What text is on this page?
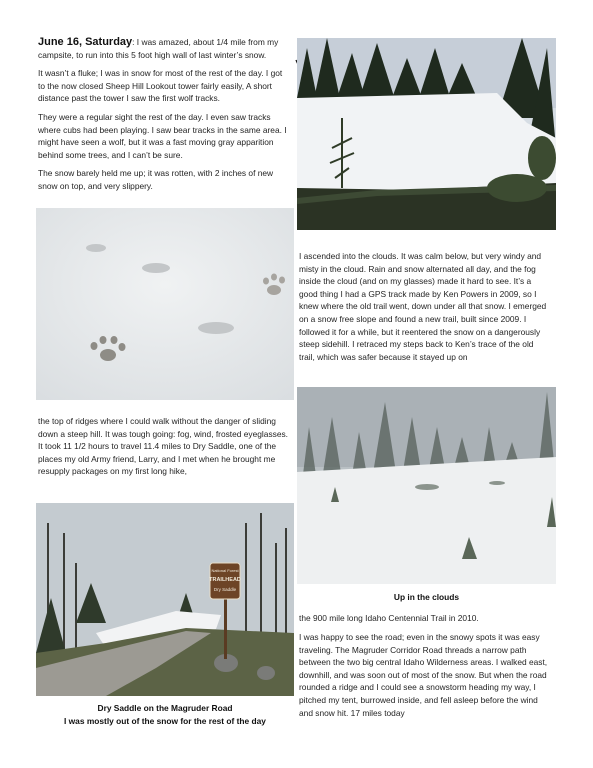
June 16, Saturday: I was amazed, about 1/4 mile from my campsite, to run into this 5 foot high wall of last winter’s snow.

It wasn’t a fluke; I was in snow for most of the rest of the day. I got to the now closed Sheep Hill Lookout tower fairly easily, A short distance past the tower I saw the first wolf tracks.

They were a regular sight the rest of the day. I even saw tracks where cubs had been playing. I saw bear tracks in the same area. I might have seen a wolf, but it was a fast moving gray apparition behind some trees, and I can’t be sure.

The snow barely held me up; it was rotten, with 2 inches of new snow on top, and very slippery.

I ascended into the clouds. It was calm below, but very windy and misty in the cloud. Rain and snow alternated all day, and the fog inside the cloud (and on my glasses) made it hard to see. It’s a good thing I had a GPS track made by Ken Powers in 2009, so I knew where the old trail went, down under all that snow. I emerged on a snow free slope and found a new trail, built since 2009. I followed it for a while, but it reentered the snow on a dangerously steep sidehill. I retraced my steps back to Ken’s trace of the old trail, which was safer because it stayed up on
the top of ridges where I could walk without the danger of sliding down a steep hill. It was tough going: fog, wind, frosted eyeglasses. It took 11 1/2 hours to travel 11.4 miles to Dry Saddle, one of the places my old Army friend, Larry, and I met when he brought me resupply packages on my first long hike,
Up in the clouds
the 900 mile long Idaho Centennial Trail in 2010.
I was happy to see the road; even in the snowy spots it was easy traveling. The Magruder Corridor Road threads a narrow path between the two big central Idaho Wilderness areas. I walked east, downhill, and was soon out of most of the snow. But when the road rounded a ridge and I could see a snowstorm heading my way, I pitched my tent, burrowed inside, and fell asleep before the wind and snow hit. 17 miles today
National Forest
TRAILHEAD
Dry Saddle
Dry Saddle on the Magruder Road
I was mostly out of the snow for the rest of the day
